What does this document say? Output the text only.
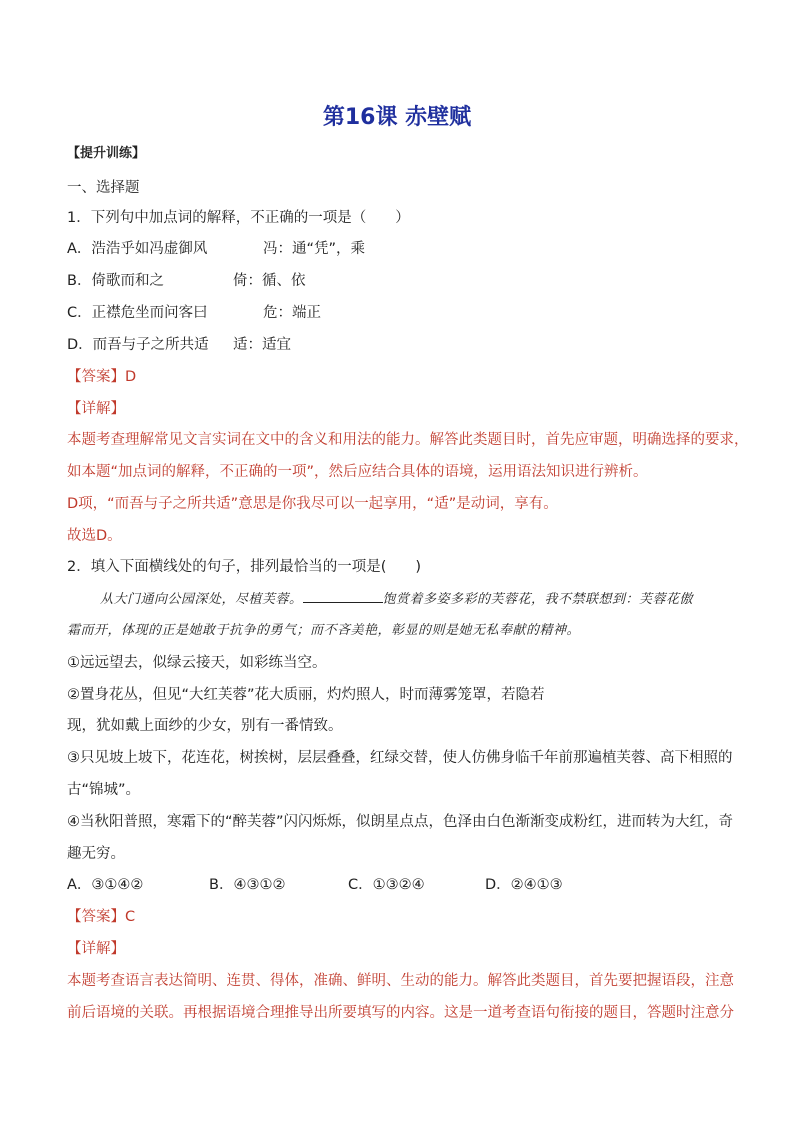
第16课 赤壁赋
【提升训练】
一、选择题
1．下列句中加点词的解释，不正确的一项是（　　）
A．浩浩乎如冯虚御风	冯：通“凭”，乘
B．倚歌而和之	倚：循、依
C．正襟危坐而问客曰	危：端正
D．而吾与子之所共适 适：适宜
【答案】D
【详解】
本题考查理解常见文言实词在文中的含义和用法的能力。解答此类题目时，首先应审题，明确选择的要求，
如本题“加点词的解释，不正确的一项”，然后应结合具体的语境，运用语法知识进行辨析。
D项，“而吾与子之所共适”意思是你我尽可以一起享用，“适”是动词，享有。
故选D。
2．填入下面横线处的句子，排列最恰当的一项是(　　)
从大门通向公园深处，尽植芙蓉。	饱赏着多姿多彩的芙蓉花，我不禁联想到：芙蓉花傲
霜而开，体现的正是她敢于抗争的勇气；而不吝美艳，彰显的则是她无私奉献的精神。
①远远望去，似绿云接天，如彩练当空。
②置身花丛，但见“大红芙蓉”花大质丽，灼灼照人，时而薄雾笼罩，若隐若
现，犹如戴上面纱的少女，别有一番情致。
③只见坡上坡下，花连花，树挨树，层层叠叠，红绿交替，使人仿佛身临千年前那遍植芙蓉、高下相照的
古“锦城”。
④当秋阳普照，寒霜下的“醉芙蓉”闪闪烁烁，似朗星点点，色泽由白色渐渐变成粉红，进而转为大红，奇
趣无穷。
A．③①④②	B．④③①②	C．①③②④	D．②④①③
【答案】C
【详解】
本题考查语言表达简明、连贯、得体，准确、鲜明、生动的能力。解答此类题目，首先要把握语段，注意
前后语境的关联。再根据语境合理推导出所要填写的内容。这是一道考查语句衔接的题目，答题时注意分
